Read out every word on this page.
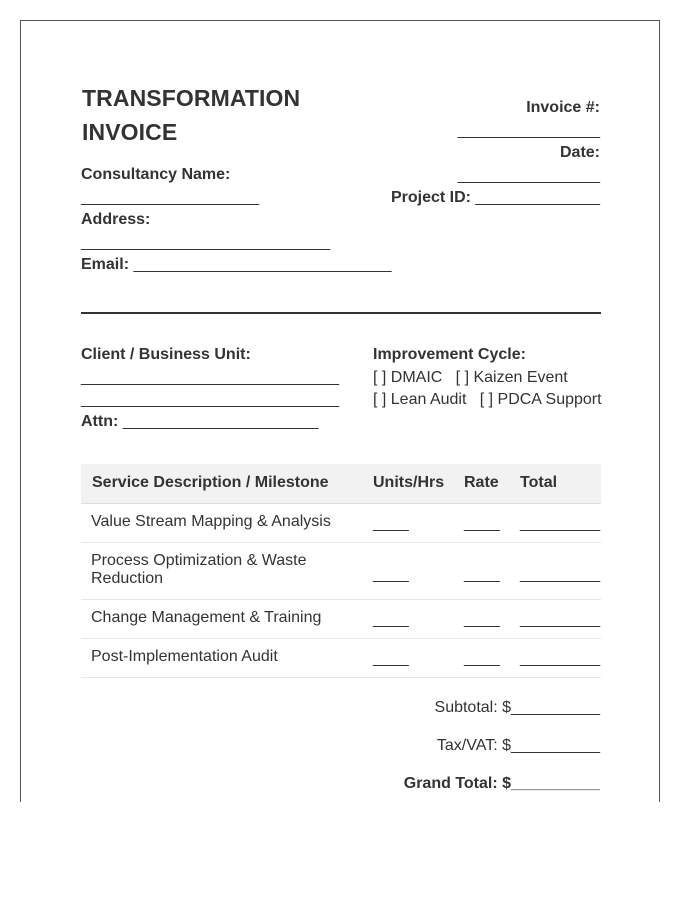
TRANSFORMATION
INVOICE
Invoice #:
________________
Date:
________________
Project ID: ______________
Consultancy Name:
____________________
Address:
____________________________
Email: _____________________________
Client / Business Unit:
_____________________________
_____________________________
Attn: ______________________
Improvement Cycle:
[ ] DMAIC   [ ] Kaizen Event
[ ] Lean Audit   [ ] PDCA Support
Service Description / Milestone	Units/Hrs Rate Total
Value Stream Mapping & Analysis	____	____ _________
Process Optimization & Waste Reduction	____	____ _________
Change Management & Training	____	____ _________
Post-Implementation Audit	____	____ _________
Subtotal: $__________
Tax/VAT: $__________
Grand Total: $__________
